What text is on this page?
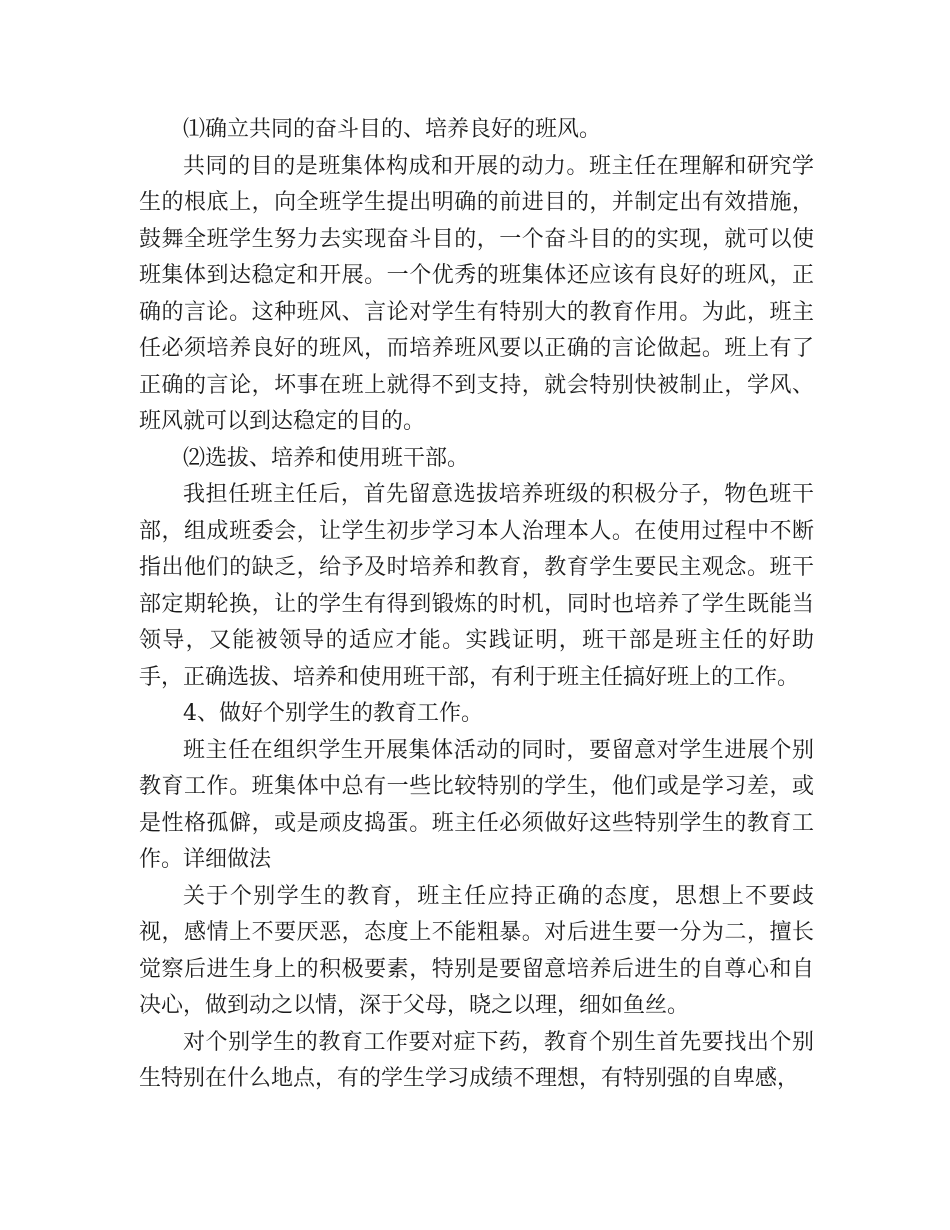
⑴确立共同的奋斗目的、培养良好的班风。

共同的目的是班集体构成和开展的动力。班主任在理解和研究学生的根底上，向全班学生提出明确的前进目的，并制定出有效措施，鼓舞全班学生努力去实现奋斗目的，一个奋斗目的的实现，就可以使班集体到达稳定和开展。一个优秀的班集体还应该有良好的班风，正确的言论。这种班风、言论对学生有特别大的教育作用。为此，班主任必须培养良好的班风，而培养班风要以正确的言论做起。班上有了正确的言论，坏事在班上就得不到支持，就会特别快被制止，学风、班风就可以到达稳定的目的。

⑵选拔、培养和使用班干部。

我担任班主任后，首先留意选拔培养班级的积极分子，物色班干部，组成班委会，让学生初步学习本人治理本人。在使用过程中不断指出他们的缺乏，给予及时培养和教育，教育学生要民主观念。班干部定期轮换，让的学生有得到锻炼的时机，同时也培养了学生既能当领导，又能被领导的适应才能。实践证明，班干部是班主任的好助手，正确选拔、培养和使用班干部，有利于班主任搞好班上的工作。

4、做好个别学生的教育工作。

班主任在组织学生开展集体活动的同时，要留意对学生进展个别教育工作。班集体中总有一些比较特别的学生，他们或是学习差，或是性格孤僻，或是顽皮捣蛋。班主任必须做好这些特别学生的教育工作。详细做法

关于个别学生的教育，班主任应持正确的态度，思想上不要歧视，感情上不要厌恶，态度上不能粗暴。对后进生要一分为二，擅长觉察后进生身上的积极要素，特别是要留意培养后进生的自尊心和自决心，做到动之以情，深于父母，晓之以理，细如鱼丝。

对个别学生的教育工作要对症下药，教育个别生首先要找出个别生特别在什么地点，有的学生学习成绩不理想，有特别强的自卑感，
